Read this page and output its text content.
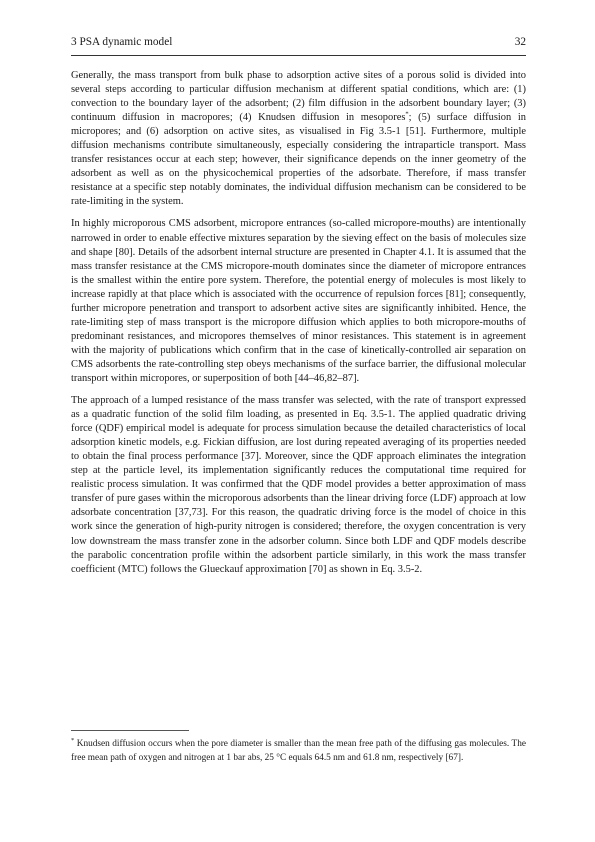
3 PSA dynamic model	32

Generally, the mass transport from bulk phase to adsorption active sites of a porous solid is divided into several steps according to particular diffusion mechanism at different spatial conditions, which are: (1) convection to the boundary layer of the adsorbent; (2) film diffusion in the adsorbent boundary layer; (3) continuum diffusion in macropores; (4) Knudsen diffusion in mesopores*; (5) surface diffusion in micropores; and (6) adsorption on active sites, as visualised in Fig 3.5-1 [51]. Furthermore, multiple diffusion mechanisms contribute simultaneously, especially considering the intraparticle transport. Mass transfer resistances occur at each step; however, their significance depends on the inner geometry of the adsorbent as well as on the physicochemical properties of the adsorbate. Therefore, if mass transfer resistance at a specific step notably dominates, the individual diffusion mechanism can be considered to be rate-limiting in the system.

In highly microporous CMS adsorbent, micropore entrances (so-called micropore-mouths) are intentionally narrowed in order to enable effective mixtures separation by the sieving effect on the basis of molecules size and shape [80]. Details of the adsorbent internal structure are presented in Chapter 4.1. It is assumed that the mass transfer resistance at the CMS micropore-mouth dominates since the diameter of micropore entrances is the smallest within the entire pore system. Therefore, the potential energy of molecules is most likely to increase rapidly at that place which is associated with the occurrence of repulsion forces [81]; consequently, further micropore penetration and transport to adsorbent active sites are significantly inhibited. Hence, the rate-limiting step of mass transport is the micropore diffusion which applies to both micropore-mouths of predominant resistances, and micropores themselves of minor resistances. This statement is in agreement with the majority of publications which confirm that in the case of kinetically-controlled air separation on CMS adsorbents the rate-controlling step obeys mechanisms of the surface barrier, the diffusional molecular transport within micropores, or superposition of both [44–46,82–87].

The approach of a lumped resistance of the mass transfer was selected, with the rate of transport expressed as a quadratic function of the solid film loading, as presented in Eq. 3.5-1. The applied quadratic driving force (QDF) empirical model is adequate for process simulation because the detailed characteristics of local adsorption kinetic models, e.g. Fickian diffusion, are lost during repeated averaging of its properties needed to obtain the final process performance [37]. Moreover, since the QDF approach eliminates the integration step at the particle level, its implementation significantly reduces the computational time required for realistic process simulation. It was confirmed that the QDF model provides a better approximation of mass transfer of pure gases within the microporous adsorbents than the linear driving force (LDF) approach at low adsorbate concentration [37,73]. For this reason, the quadratic driving force is the model of choice in this work since the generation of high-purity nitrogen is considered; therefore, the oxygen concentration is very low downstream the mass transfer zone in the adsorber column. Since both LDF and QDF models describe the parabolic concentration profile within the adsorbent particle similarly, in this work the mass transfer coefficient (MTC) follows the Glueckauf approximation [70] as shown in Eq. 3.5-2.

* Knudsen diffusion occurs when the pore diameter is smaller than the mean free path of the diffusing gas molecules. The free mean path of oxygen and nitrogen at 1 bar abs, 25 °C equals 64.5 nm and 61.8 nm, respectively [67].
